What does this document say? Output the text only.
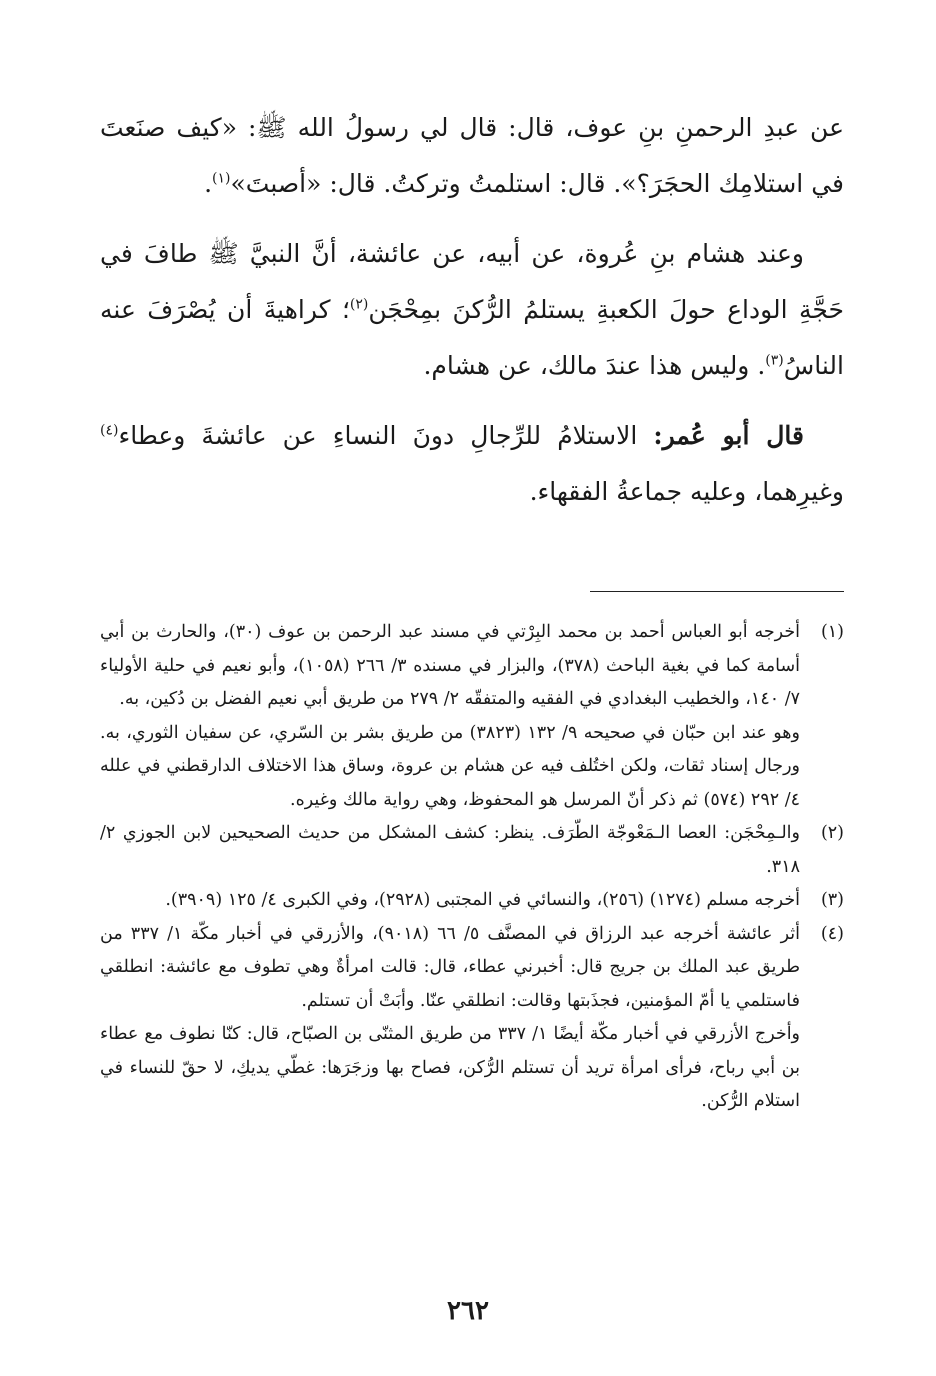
عن عبدِ الرحمنِ بنِ عوف، قال: قال لي رسولُ الله ﷺ: «كيف صنَعتَ في استلامِك الحجَرَ؟». قال: استلمتُ وتركتُ. قال: «أصبتَ»$^{(١)}$.

وعند هشام بنِ عُروة، عن أبيه، عن عائشة، أنَّ النبيَّ ﷺ طافَ في حَجَّةِ الوداع حولَ الكعبةِ يستلمُ الرُّكنَ بمِحْجَن$^{(٢)}$؛ كراهيةَ أن يُصْرَفَ عنه الناسُ$^{(٣)}$. وليس هذا عندَ مالك، عن هشام.

قال أبو عُمر: الاستلامُ للرِّجالِ دونَ النساءِ عن عائشةَ وعطاء$^{(٤)}$ وغيرِهما، وعليه جماعةُ الفقهاء.

(١)أخرجه أبو العباس أحمد بن محمد البِرْتي في مسند عبد الرحمن بن عوف (٣٠)، والحارث بن أبي أسامة كما في بغية الباحث (٣٧٨)، والبزار في مسنده ٣/ ٢٦٦ (١٠٥٨)، وأبو نعيم في حلية الأولياء ٧/ ١٤٠، والخطيب البغدادي في الفقيه والمتفقّه ٢/ ٢٧٩ من طريق أبي نعيم الفضل بن دُكين، به.

وهو عند ابن حبّان في صحيحه ٩/ ١٣٢ (٣٨٢٣) من طريق بشر بن السّري، عن سفيان الثوري، به. ورجال إسناد ثقات، ولكن اختُلف فيه عن هشام بن عروة، وساق هذا الاختلاف الدارقطني في علله ٤/ ٢٩٢ (٥٧٤) ثم ذكر أنّ المرسل هو المحفوظ، وهي رواية مالك وغيره.

(٢)والـمِحْجَن: العصا الـمَعْوجّة الطّرَف. ينظر: كشف المشكل من حديث الصحيحين لابن الجوزي ٢/ ٣١٨.

(٣)أخرجه مسلم (١٢٧٤) (٢٥٦)، والنسائي في المجتبى (٢٩٢٨)، وفي الكبرى ٤/ ١٢٥ (٣٩٠٩).

(٤)أثر عائشة أخرجه عبد الرزاق في المصنَّف ٥/ ٦٦ (٩٠١٨)، والأزرقي في أخبار مكّة ١/ ٣٣٧ من طريق عبد الملك بن جريج قال: أخبرني عطاء، قال: قالت امرأةٌ وهي تطوف مع عائشة: انطلقي فاستلمي يا أمّ المؤمنين، فجذَبتها وقالت: انطلقي عنّا. وأبَتْ أن تستلم.

وأخرج الأزرقي في أخبار مكّة أيضًا ١/ ٣٣٧ من طريق المثنّى بن الصبّاح، قال: كنّا نطوف مع عطاء بن أبي رباح، فرأى امرأة تريد أن تستلم الرُّكن، فصاح بها وزجَرَها: غطّي يديكِ، لا حقّ للنساء في استلام الرُّكن.

٢٦٢
